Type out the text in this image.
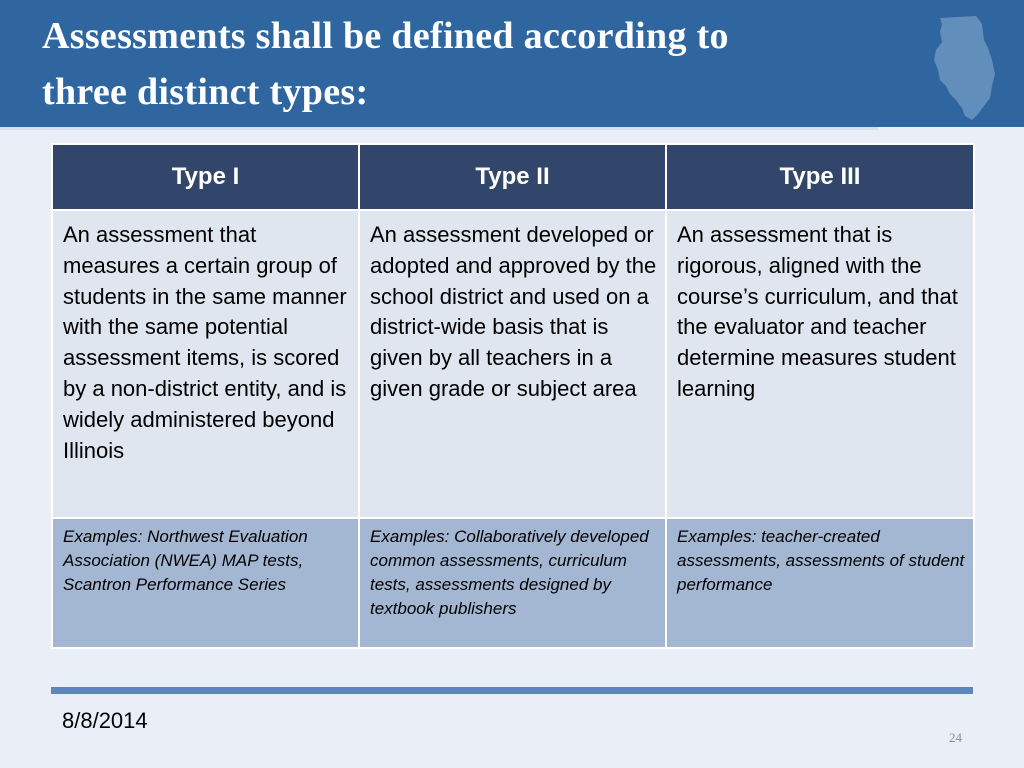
Assessments shall be defined according to
three distinct types:
Type I	Type II	Type III
An assessment that measures a certain group of students in the same manner with the same potential assessment items, is scored by a non-district entity, and is widely administered beyond Illinois	An assessment developed or adopted and approved by the school district and used on a district-wide basis that is given by all teachers in a given grade or subject area	An assessment that is rigorous, aligned with the course’s curriculum, and that the evaluator and teacher determine measures student learning
Examples: Northwest Evaluation Association (NWEA) MAP tests, Scantron Performance Series	Examples: Collaboratively developed common assessments, curriculum tests, assessments designed by textbook publishers	Examples: teacher-created assessments, assessments of student performance
8/8/2014
24
